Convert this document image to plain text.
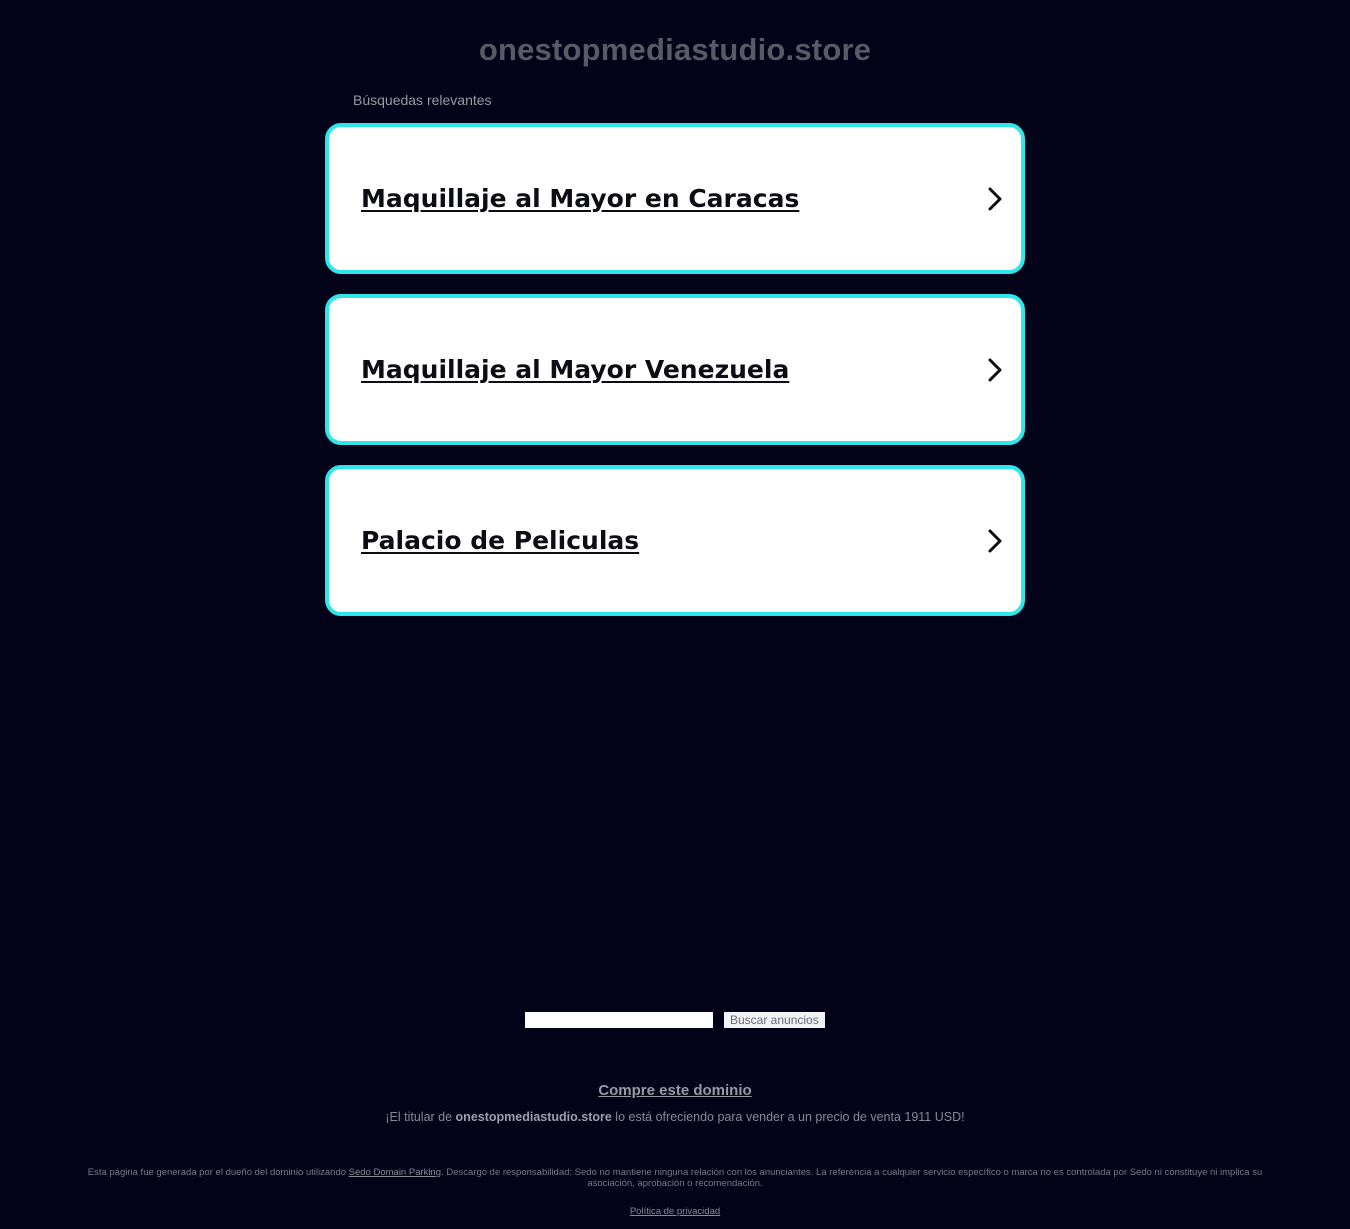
onestopmediastudio.store
Búsquedas relevantes
Maquillaje al Mayor en Caracas
Maquillaje al Mayor Venezuela
Palacio de Peliculas
Buscar anuncios
Compre este dominio
¡El titular de onestopmediastudio.store lo está ofreciendo para vender a un precio de venta 1911 USD!
Esta página fue generada por el dueño del dominio utilizando Sedo Domain Parking. Descargo de responsabilidad: Sedo no mantiene ninguna relación con los anunciantes. La referencia a cualquier servicio específico o marca no es controlada por Sedo ni constituye ni implica su asociación, aprobación o recomendación.
Política de privacidad
